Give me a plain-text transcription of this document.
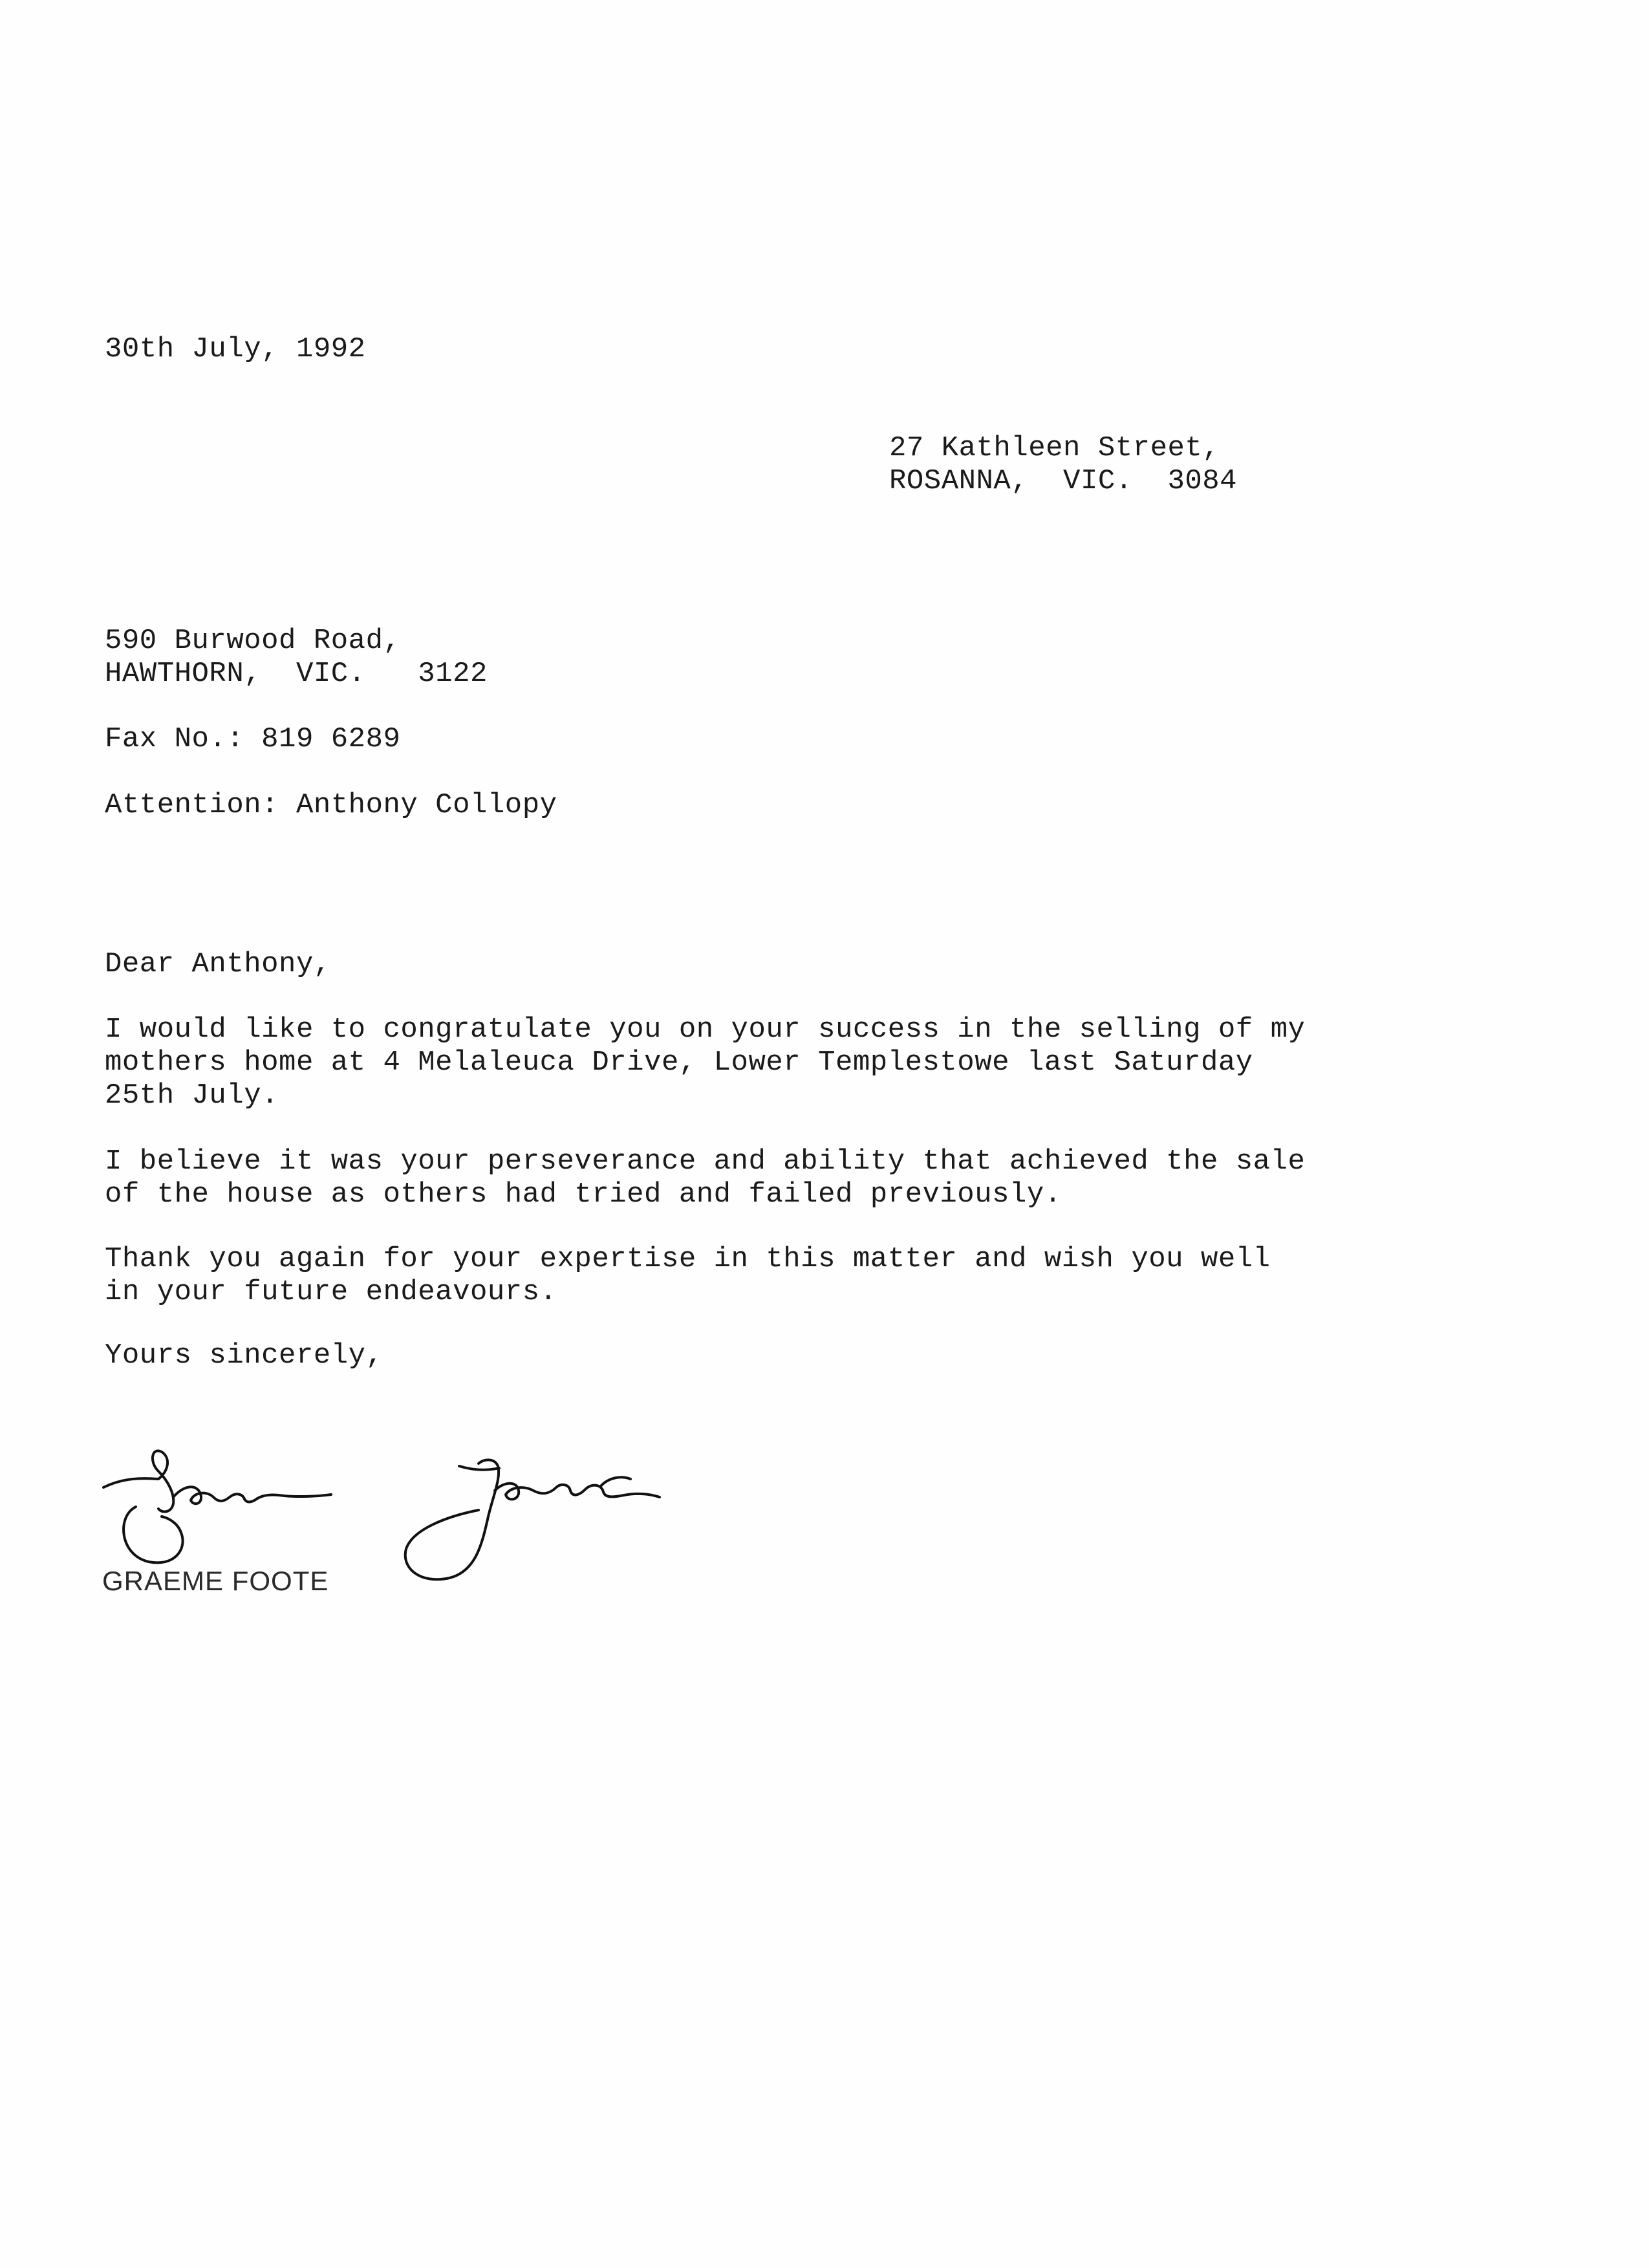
30th July, 1992
27 Kathleen Street,
ROSANNA,  VIC.  3084
590 Burwood Road,
HAWTHORN,  VIC.   3122
Fax No.: 819 6289
Attention: Anthony Collopy
Dear Anthony,
I would like to congratulate you on your success in the selling of my
mothers home at 4 Melaleuca Drive, Lower Templestowe last Saturday
25th July.
I believe it was your perseverance and ability that achieved the sale
of the house as others had tried and failed previously.
Thank you again for your expertise in this matter and wish you well
in your future endeavours.
Yours sincerely,
GRAEME FOOTE
